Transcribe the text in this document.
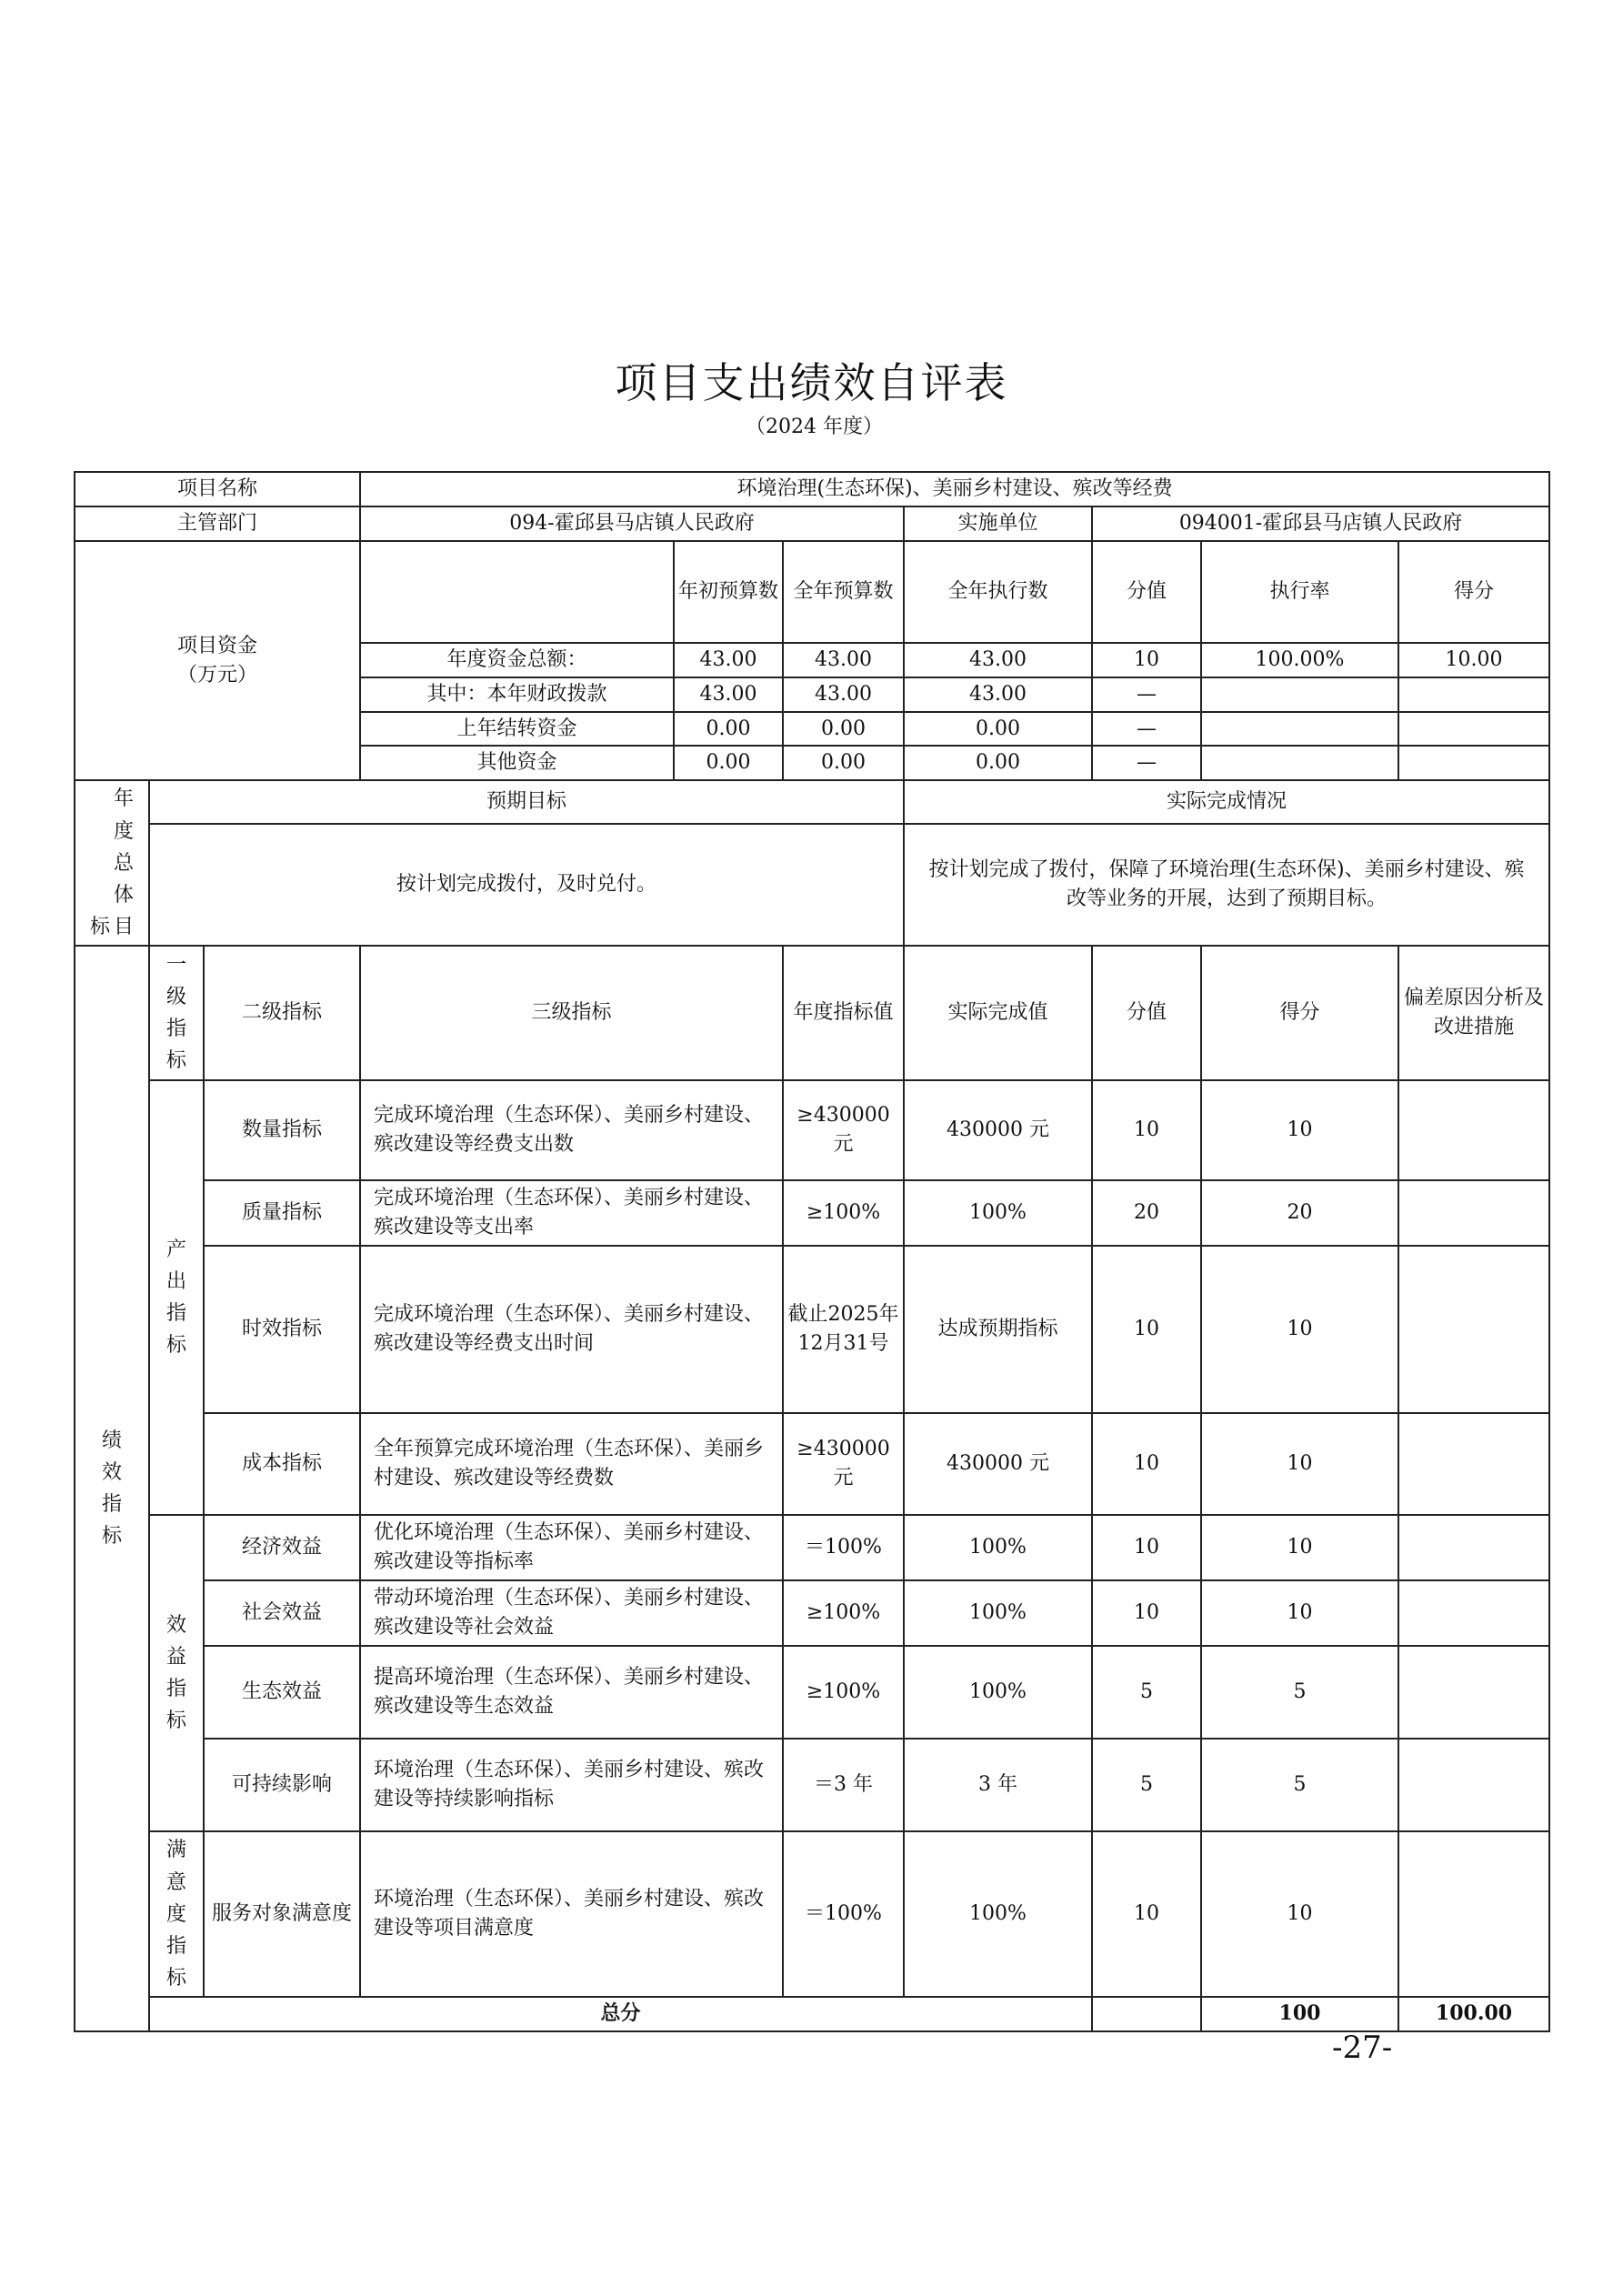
项目支出绩效自评表
（2024 年度）
项目名称			环境治理(生态环保)、美丽乡村建设、殡改等经费							
主管部门			094-霍邱县马店镇人民政府			实施单位	094001-霍邱县马店镇人民政府			

项目资金
（万元）				年初预算数	全年预算数	全年执行数	分值	执行率	得分	
			年度资金总额：	43.00	43.00	43.00	10	100.00%	10.00	
			其中：本年财政拨款	43.00	43.00	43.00	—			
			上年结转资金	0.00	0.00	0.00	—			
			其他资金	0.00	0.00	0.00	—			
标年度总体目	预期目标					实际完成情况				
	按计划完成拨付，及时兑付。					按计划完成了拨付，保障了环境治理(生态环保)、美丽乡村建设、殡改等业务的开展，达到了预期目标。				
绩效指标	一级指标	二级指标	三级指标		年度指标值	实际完成值	分值	得分	偏差原因分析及改进措施	
	产出指标	数量指标	完成环境治理（生态环保）、美丽乡村建设、殡改建设等经费支出数		≥430000元	430000 元	10	10		
		质量指标	完成环境治理（生态环保）、美丽乡村建设、殡改建设等支出率		≥100%	100%	20	20		
		时效指标	完成环境治理（生态环保）、美丽乡村建设、殡改建设等经费支出时间		截止2025年12月31号	达成预期指标	10	10		
		成本指标	全年预算完成环境治理（生态环保）、美丽乡村建设、殡改建设等经费数		≥430000元	430000 元	10	10		
	效益指标	经济效益	优化环境治理（生态环保）、美丽乡村建设、殡改建设等指标率		＝100%	100%	10	10		
		社会效益	带动环境治理（生态环保）、美丽乡村建设、殡改建设等社会效益		≥100%	100%	10	10		
		生态效益	提高环境治理（生态环保）、美丽乡村建设、殡改建设等生态效益		≥100%	100%	5	5		
		可持续影响	环境治理（生态环保）、美丽乡村建设、殡改建设等持续影响指标		＝3 年	3 年	5	5		
	满意度指标	服务对象满意度	环境治理（生态环保）、美丽乡村建设、殡改建设等项目满意度		＝100%	100%	10	10		
	总分							100	100.00	
-27-
